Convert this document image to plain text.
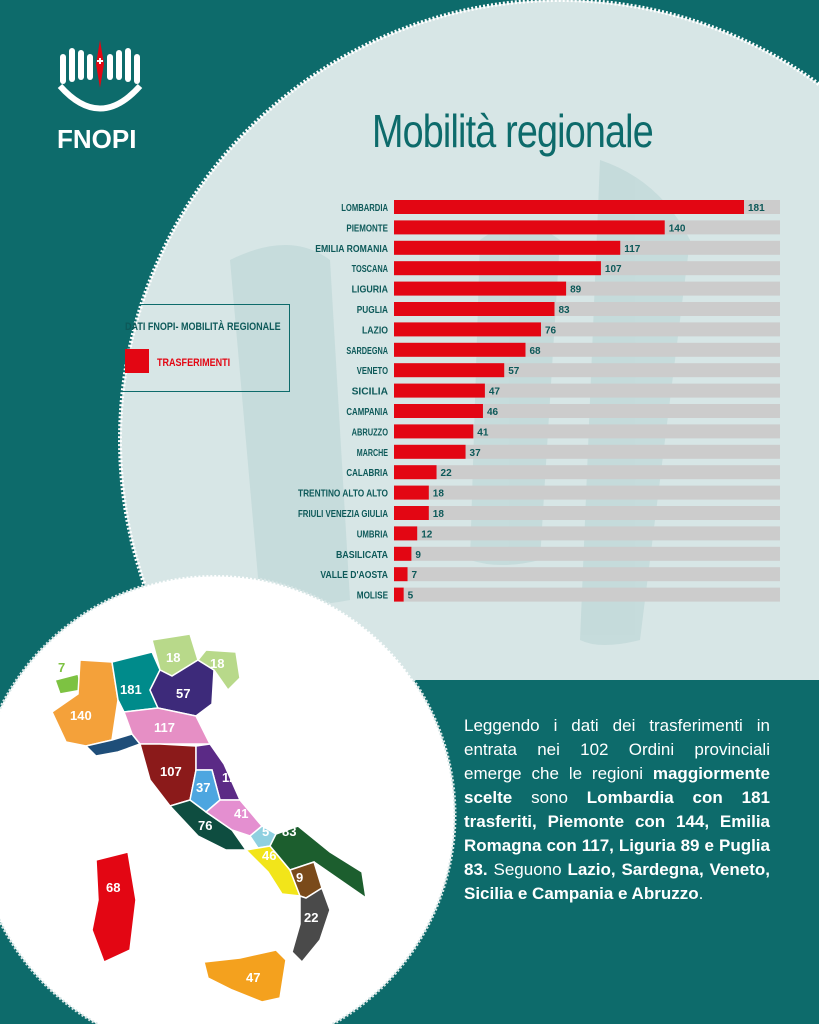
FNOPI	Mobilità regionale
DATI FNOPI- MOBILITÀ REGIONALE
TRASFERIMENTI
LOMBARDIA	181
PIEMONTE	140
EMILIA ROMANIA	117
TOSCANA	107
LIGURIA	89
PUGLIA	83
LAZIO	76
SARDEGNA	68
VENETO	57
SICILIA	47
CAMPANIA	46
ABRUZZO	41
MARCHE	37
CALABRIA	22
TRENTINO ALTO ALTO	18
FRIULI VENEZIA GIULIA	18
UMBRIA	12
BASILICATA	9
VALLE D'AOSTA 7
MOLISE 5
7
140
181
18 18
57
89
117
107	12
37
76
41
5 83
46
9
22
68
47
Leggendo i dati dei trasferimenti in entrata nei 102 Ordini provinciali emerge che le regioni maggiormente scelte sono Lombardia con 181 trasferiti, Piemonte con 144, Emilia Romagna con 117, Liguria 89 e Puglia 83. Seguono Lazio, Sardegna, Veneto, Sicilia e Campania e Abruzzo.
